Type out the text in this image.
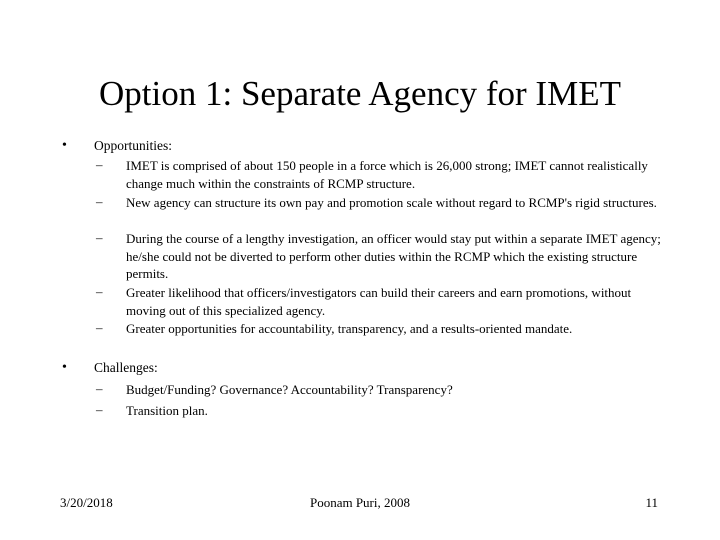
Option 1: Separate Agency for IMET
• Opportunities:
– IMET is comprised of about 150 people in a force which is 26,000 strong; IMET cannot realistically change much within the constraints of RCMP structure.
– New agency can structure its own pay and promotion scale without regard to RCMP's rigid structures.
– During the course of a lengthy investigation, an officer would stay put within a separate IMET agency; he/she could not be diverted to perform other duties within the RCMP which the existing structure permits.
– Greater likelihood that officers/investigators can build their careers and earn promotions, without moving out of this specialized agency.
– Greater opportunities for accountability, transparency, and a results-oriented mandate.
• Challenges:
– Budget/Funding? Governance? Accountability? Transparency?
– Transition plan.
3/20/2018	Poonam Puri, 2008	11
